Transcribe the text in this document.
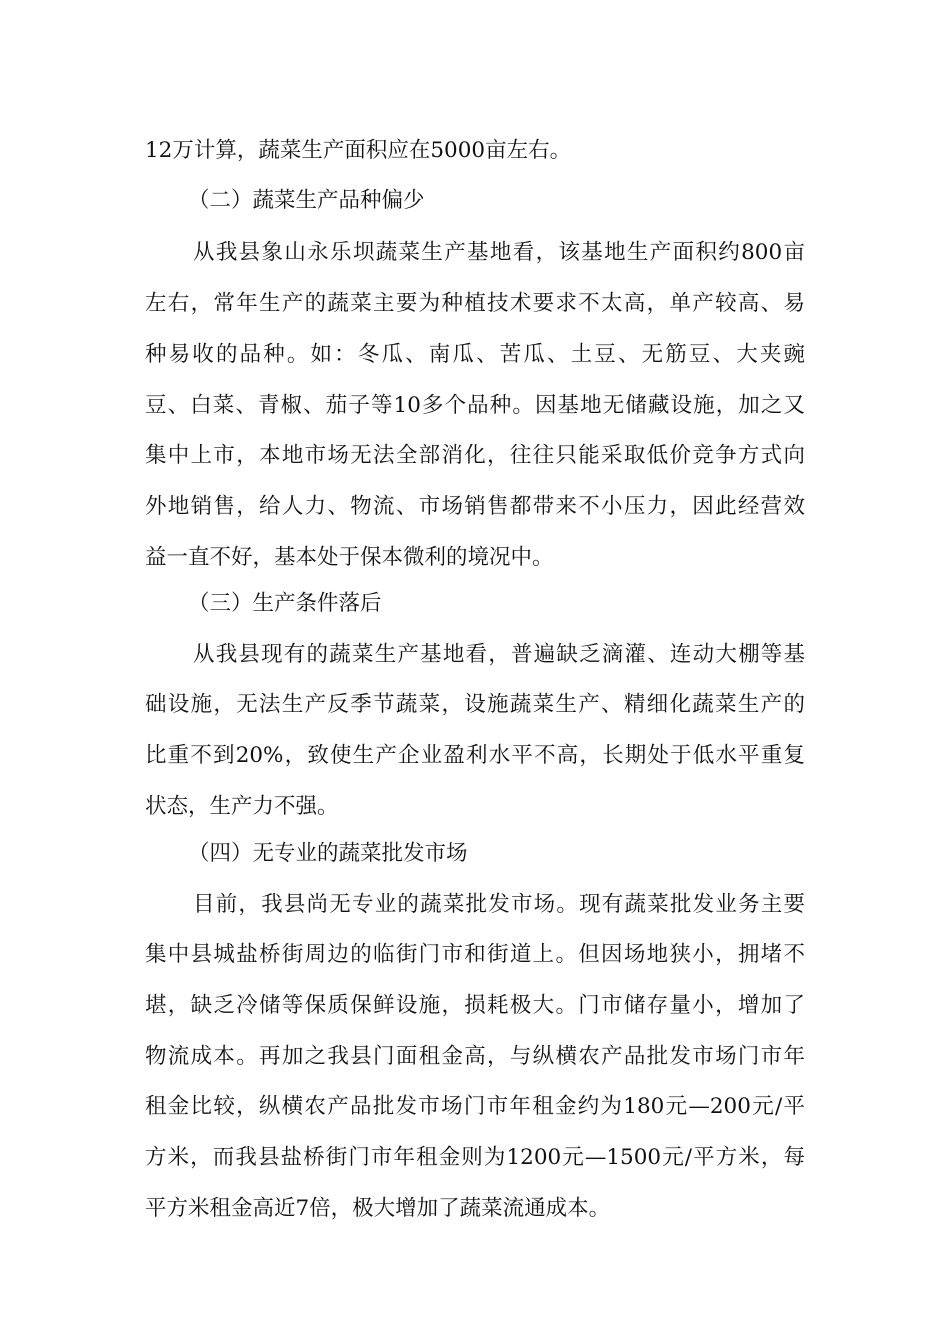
12万计算，蔬菜生产面积应在5000亩左右。
（二）蔬菜生产品种偏少
从我县象山永乐坝蔬菜生产基地看，该基地生产面积约800亩
左右，常年生产的蔬菜主要为种植技术要求不太高，单产较高、易
种易收的品种。如：冬瓜、南瓜、苦瓜、土豆、无筋豆、大夹豌
豆、白菜、青椒、茄子等10多个品种。因基地无储藏设施，加之又
集中上市，本地市场无法全部消化，往往只能采取低价竞争方式向
外地销售，给人力、物流、市场销售都带来不小压力，因此经营效
益一直不好，基本处于保本微利的境况中。
（三）生产条件落后
从我县现有的蔬菜生产基地看，普遍缺乏滴灌、连动大棚等基
础设施，无法生产反季节蔬菜，设施蔬菜生产、精细化蔬菜生产的
比重不到20%，致使生产企业盈利水平不高，长期处于低水平重复
状态，生产力不强。
（四）无专业的蔬菜批发市场
目前，我县尚无专业的蔬菜批发市场。现有蔬菜批发业务主要
集中县城盐桥街周边的临街门市和街道上。但因场地狭小，拥堵不
堪，缺乏冷储等保质保鲜设施，损耗极大。门市储存量小，增加了
物流成本。再加之我县门面租金高，与纵横农产品批发市场门市年
租金比较，纵横农产品批发市场门市年租金约为180元—200元/平
方米，而我县盐桥街门市年租金则为1200元—1500元/平方米，每
平方米租金高近7倍，极大增加了蔬菜流通成本。
